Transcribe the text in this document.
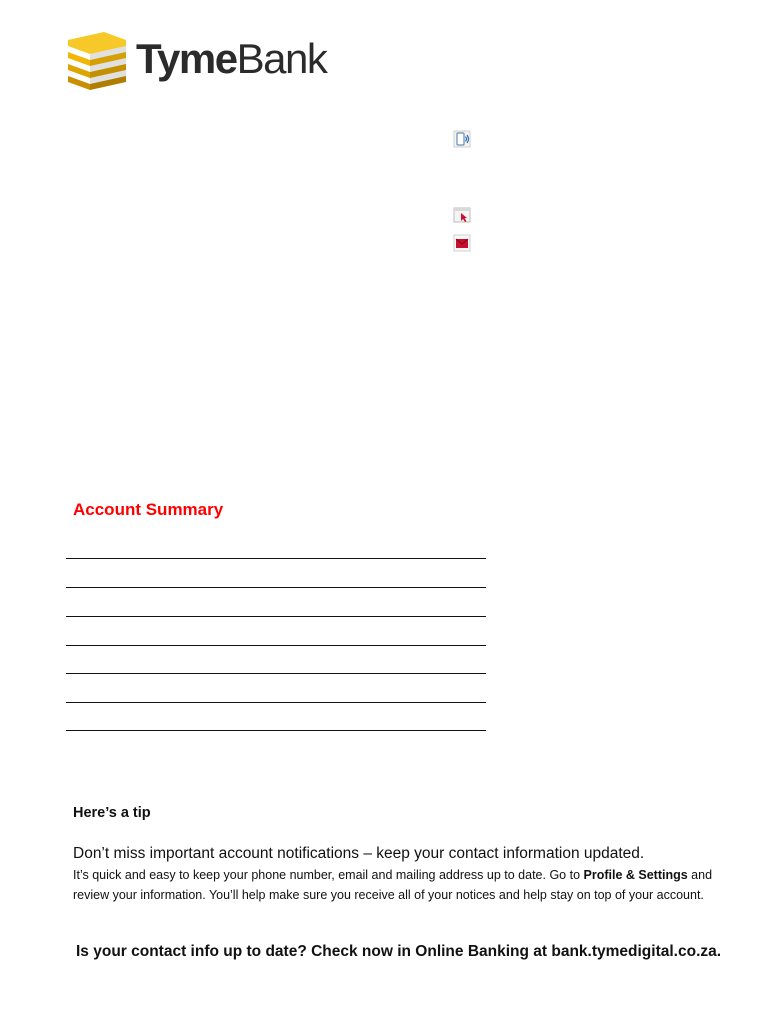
TymeBank
Account Summary
Here’s a tip
Don’t miss important account notifications – keep your contact information updated.
It’s quick and easy to keep your phone number, email and mailing address up to date. Go to Profile & Settings and review your information. You’ll help make sure you receive all of your notices and help stay on top of your account.
Is your contact info up to date? Check now in Online Banking at bank.tymedigital.co.za.
